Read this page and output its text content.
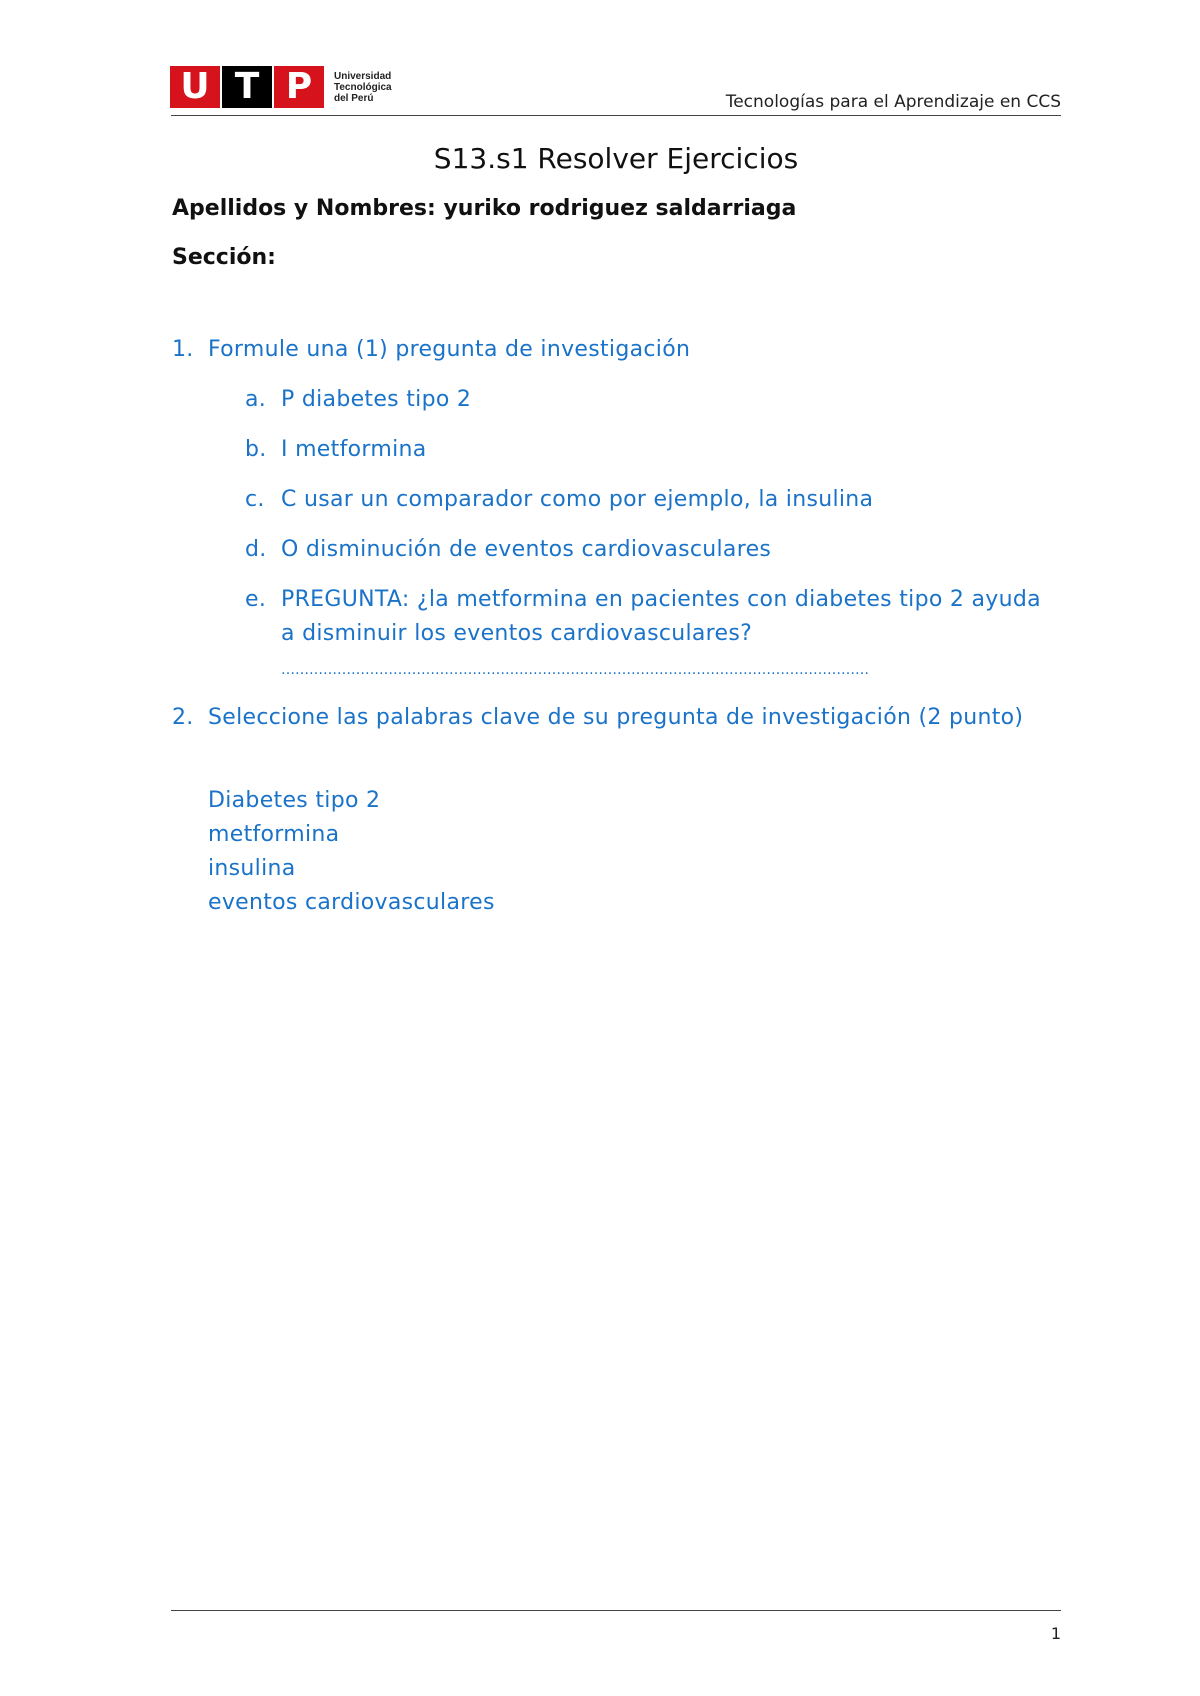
U T P	Universidad
Tecnológica
del Perú	Tecnologías para el Aprendizaje en CCS
S13.s1 Resolver Ejercicios
Apellidos y Nombres: yuriko rodriguez saldarriaga
Sección:
1. Formule una (1) pregunta de investigación
a. P diabetes tipo 2
b. I metformina
c. C usar un comparador como por ejemplo, la insulina
d. O disminución de eventos cardiovasculares
e. PREGUNTA: ¿la metformina en pacientes con diabetes tipo 2 ayuda a disminuir los eventos cardiovasculares?
………………………………………………………………………………………………………………
2. Seleccione las palabras clave de su pregunta de investigación (2 punto)
Diabetes tipo 2
metformina
insulina
eventos cardiovasculares
1
